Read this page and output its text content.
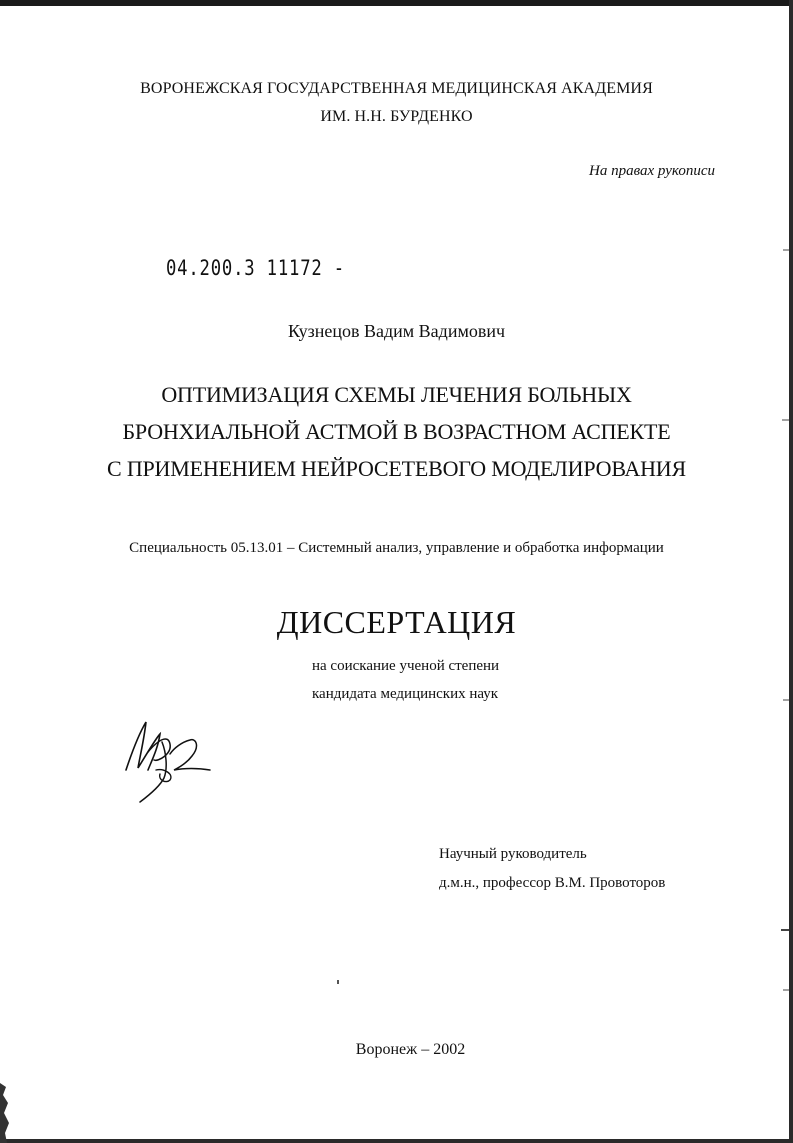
ВОРОНЕЖСКАЯ ГОСУДАРСТВЕННАЯ МЕДИЦИНСКАЯ АКАДЕМИЯ
ИМ. Н.Н. БУРДЕНКО
На правах рукописи
04.200.3 11172 -
Кузнецов Вадим Вадимович
ОПТИМИЗАЦИЯ СХЕМЫ ЛЕЧЕНИЯ БОЛЬНЫХ
БРОНХИАЛЬНОЙ АСТМОЙ В ВОЗРАСТНОМ АСПЕКТЕ
С ПРИМЕНЕНИЕМ НЕЙРОСЕТЕВОГО МОДЕЛИРОВАНИЯ
Специальность 05.13.01 – Системный анализ, управление и обработка информации
ДИССЕРТАЦИЯ
на соискание ученой степени
кандидата медицинских наук
Научный руководитель
д.м.н., профессор В.М. Провоторов
Воронеж – 2002
